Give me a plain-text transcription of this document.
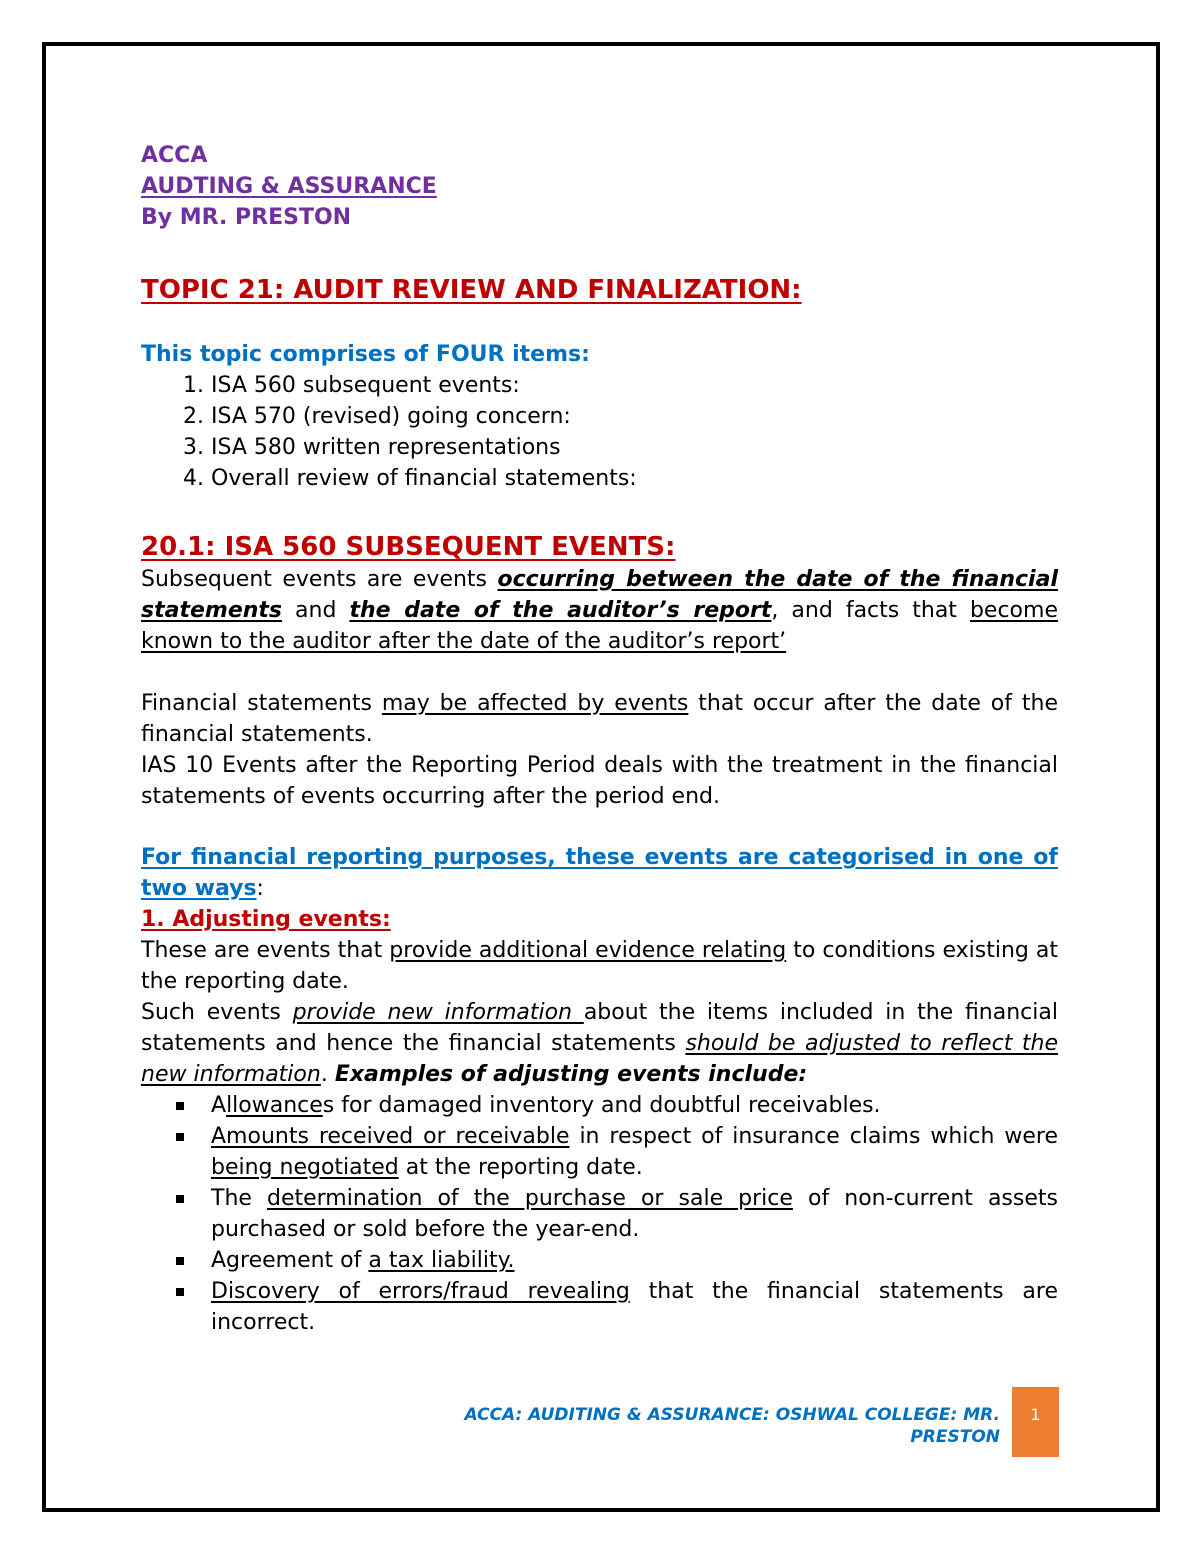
ACCA
AUDTING & ASSURANCE
By MR. PRESTON
TOPIC 21: AUDIT REVIEW AND FINALIZATION:
This topic comprises of FOUR items:
1. ISA 560 subsequent events:
2. ISA 570 (revised) going concern:
3. ISA 580 written representations
4. Overall review of financial statements:
20.1: ISA 560 SUBSEQUENT EVENTS:
Subsequent events are events occurring between the date of the financial statements and the date of the auditor’s report, and facts that become known to the auditor after the date of the auditor’s report’
Financial statements may be affected by events that occur after the date of the financial statements.
IAS 10 Events after the Reporting Period deals with the treatment in the financial statements of events occurring after the period end.
For financial reporting purposes, these events are categorised in one of two ways:
1. Adjusting events:
These are events that provide additional evidence relating to conditions existing at the reporting date.
Such events provide new information about the items included in the financial statements and hence the financial statements should be adjusted to reflect the new information. Examples of adjusting events include:
Allowances for damaged inventory and doubtful receivables.
Amounts received or receivable in respect of insurance claims which were being negotiated at the reporting date.
The determination of the purchase or sale price of non-current assets purchased or sold before the year-end.
Agreement of a tax liability.
Discovery of errors/fraud revealing that the financial statements are incorrect.
ACCA: AUDITING & ASSURANCE: OSHWAL COLLEGE: MR. PRESTON
1
